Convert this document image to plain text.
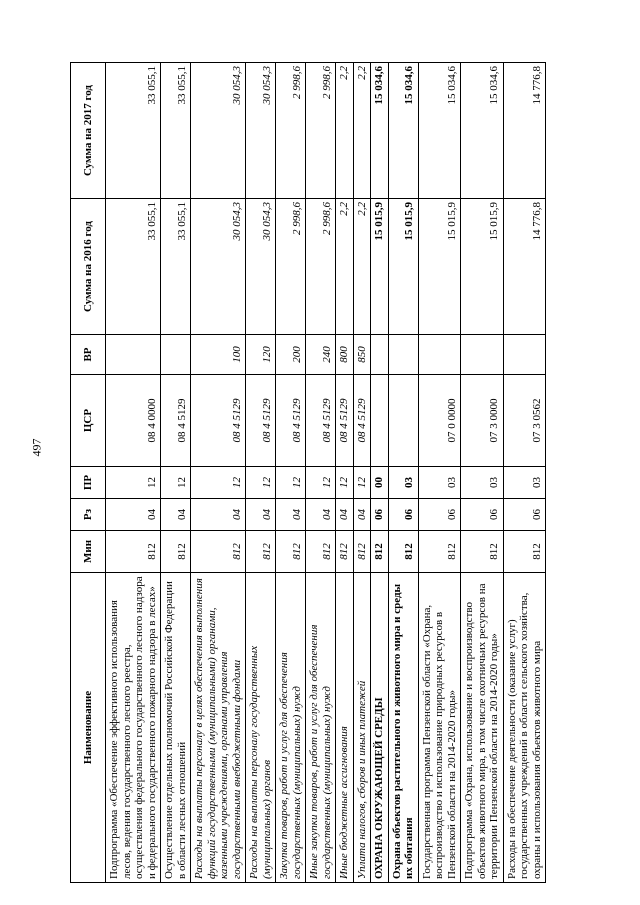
497
Наименование	Мин	Рз	ПР	ЦСР	ВР	Сумма на 2016 год	Сумма на 2017 год
Подпрограмма «Обеспечение эффективного использования лесов, ведения государственного лесного реестра, осуществления федерального государственного лесного надзора и федерального государственного пожарного надзора в лесах»	812	04	12	08 4 0000		33 055,1	33 055,1
Осуществление отдельных полномочий Российской Федерации в области лесных отношений	812	04	12	08 4 5129		33 055,1	33 055,1
Расходы на выплаты персоналу в целях обеспечения выполнения функций государственными (муниципальными) органами, казенными учреждениями, органами управления государственными внебюджетными фондами	812	04	12	08 4 5129	100	30 054,3	30 054,3
Расходы на выплаты персоналу государственных (муниципальных) органов	812	04	12	08 4 5129	120	30 054,3	30 054,3
Закупка товаров, работ и услуг для обеспечения государственных (муниципальных) нужд	812	04	12	08 4 5129	200	2 998,6	2 998,6
Иные закупки товаров, работ и услуг для обеспечения государственных (муниципальных) нужд	812	04	12	08 4 5129	240	2 998,6	2 998,6
Иные бюджетные ассигнования	812	04	12	08 4 5129	800	2,2	2,2
Уплата налогов, сборов и иных платежей	812	04	12	08 4 5129	850	2,2	2,2
ОХРАНА ОКРУЖАЮЩЕЙ СРЕДЫ	812	06	00			15 015,9	15 034,6
Охрана объектов растительного и животного мира и среды их обитания	812	06	03			15 015,9	15 034,6
Государственная программа Пензенской области «Охрана, воспроизводство и использование природных ресурсов в Пензенской области на 2014-2020 годы»	812	06	03	07 0 0000		15 015,9	15 034,6
Подпрограмма «Охрана, использование и воспроизводство объектов животного мира, в том числе охотничьих ресурсов на территории Пензенской области на 2014-2020 годы»	812	06	03	07 3 0000		15 015,9	15 034,6
Расходы на обеспечение деятельности (оказание услуг) государственных учреждений в области сельского хозяйства, охраны и использования объектов животного мира	812	06	03	07 3 0562		14 776,8	14 776,8
